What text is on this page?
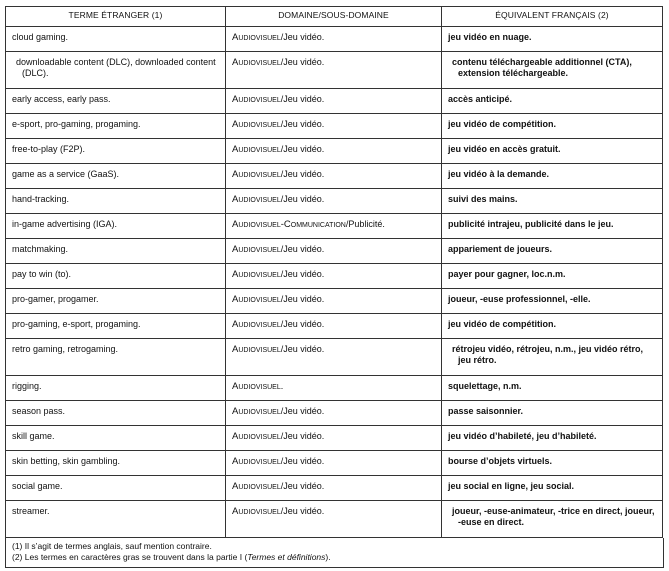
TERME ÉTRANGER (1)	DOMAINE/SOUS-DOMAINE	ÉQUIVALENT FRANÇAIS (2)
cloud gaming.	Audiovisuel/Jeu vidéo.	jeu vidéo en nuage.

downloadable content (DLC), downloaded content (DLC).	Audiovisuel/Jeu vidéo.	contenu téléchargeable additionnel (CTA), extension téléchargeable.

early access, early pass.	Audiovisuel/Jeu vidéo.	accès anticipé.
e-sport, pro-gaming, progaming.	Audiovisuel/Jeu vidéo.	jeu vidéo de compétition.
free-to-play (F2P).	Audiovisuel/Jeu vidéo.	jeu vidéo en accès gratuit.
game as a service (GaaS).	Audiovisuel/Jeu vidéo.	jeu vidéo à la demande.
hand-tracking.	Audiovisuel/Jeu vidéo.	suivi des mains.
in-game advertising (IGA).	Audiovisuel-Communication/Publicité.	publicité intrajeu, publicité dans le jeu.
matchmaking.	Audiovisuel/Jeu vidéo.	appariement de joueurs.
pay to win (to).	Audiovisuel/Jeu vidéo.	payer pour gagner, loc.n.m.
pro-gamer, progamer.	Audiovisuel/Jeu vidéo.	joueur, -euse professionnel, -elle.
pro-gaming, e-sport, progaming.	Audiovisuel/Jeu vidéo.	jeu vidéo de compétition.
retro gaming, retrogaming.	Audiovisuel/Jeu vidéo.	rétrojeu vidéo, rétrojeu, n.m., jeu vidéo rétro, jeu rétro.

rigging.	Audiovisuel.	squelettage, n.m.
season pass.	Audiovisuel/Jeu vidéo.	passe saisonnier.
skill game.	Audiovisuel/Jeu vidéo.	jeu vidéo d’habileté, jeu d’habileté.
skin betting, skin gambling.	Audiovisuel/Jeu vidéo.	bourse d’objets virtuels.
social game.	Audiovisuel/Jeu vidéo.	jeu social en ligne, jeu social.
streamer.	Audiovisuel/Jeu vidéo.	joueur, -euse-animateur, -trice en direct, joueur, -euse en direct.
(1) Il s’agit de termes anglais, sauf mention contraire.
(2) Les termes en caractères gras se trouvent dans la partie I (Termes et définitions).
